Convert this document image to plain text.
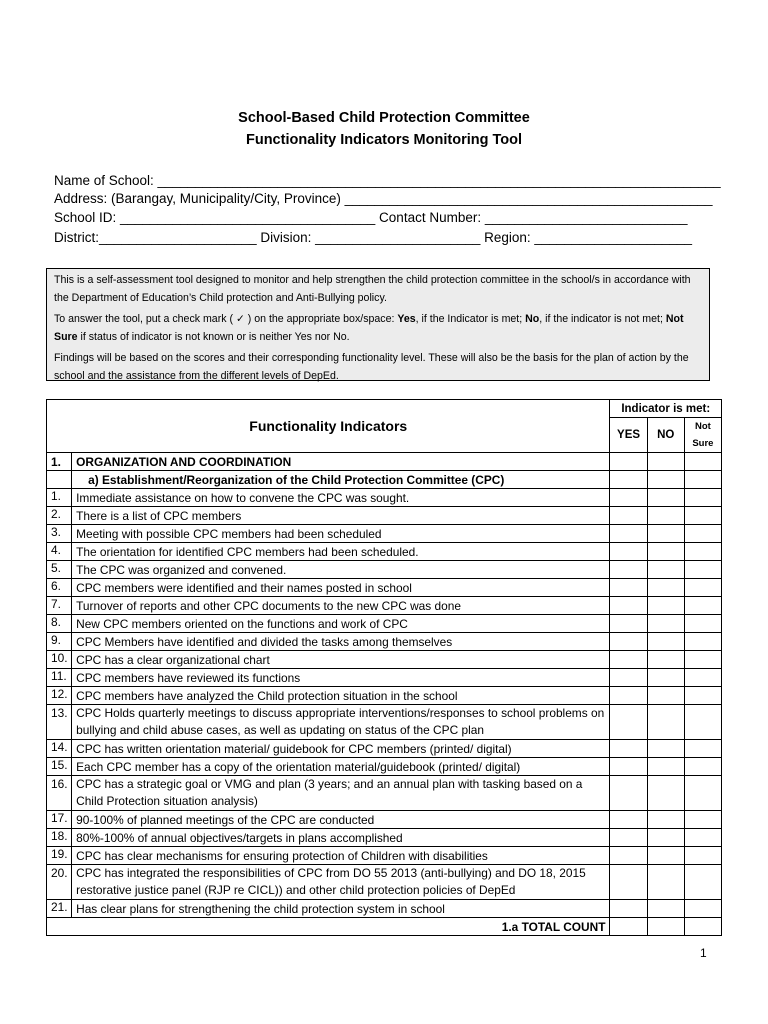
School-Based Child Protection Committee
Functionality Indicators Monitoring Tool
Name of School: ___________________________________________________________________________
Address: (Barangay, Municipality/City, Province) _________________________________________________
School ID: __________________________________ Contact Number: ___________________________
District:_____________________ Division: ______________________ Region: _____________________

This is a self-assessment tool designed to monitor and help strengthen the child protection committee in the school/s in accordance with the Department of Education’s Child protection and Anti-Bullying policy.

To answer the tool, put a check mark ( ✓ ) on the appropriate box/space: Yes, if the Indicator is met; No, if the indicator is not met; Not Sure if status of indicator is not known or is neither Yes nor No.

Findings will be based on the scores and their corresponding functionality level. These will also be the basis for the plan of action by the school and the assistance from the different levels of DepEd.

Functionality Indicators		Indicator is met:		
		YES	NO	Not Sure
1.	ORGANIZATION AND COORDINATION			
	a) Establishment/Reorganization of the Child Protection Committee (CPC)			
1.	Immediate assistance on how to convene the CPC was sought.			
2.	There is a list of CPC members			
3.	Meeting with possible CPC members had been scheduled			
4.	The orientation for identified CPC members had been scheduled.			
5.	The CPC was organized and convened.			
6.	CPC members were identified and their names posted in school			
7.	Turnover of reports and other CPC documents to the new CPC was done			
8.	New CPC members oriented on the functions and work of CPC			
9.	CPC Members have identified and divided the tasks among themselves			
10.	CPC has a clear organizational chart			
11.	CPC members have reviewed its functions			
12.	CPC members have analyzed the Child protection situation in the school			
13.	CPC Holds quarterly meetings to discuss appropriate interventions/responses to school problems on bullying and child abuse cases, as well as updating on status of the CPC plan			
14.	CPC has written orientation material/ guidebook for CPC members (printed/ digital)			
15.	Each CPC member has a copy of the orientation material/guidebook (printed/ digital)			
16.	CPC has a strategic goal or VMG and plan (3 years; and an annual plan with tasking based on a Child Protection situation analysis)			
17.	90-100% of planned meetings of the CPC are conducted			
18.	80%-100% of annual objectives/targets in plans accomplished			
19.	CPC has clear mechanisms for ensuring protection of Children with disabilities			
20.	CPC has integrated the responsibilities of CPC from DO 55 2013 (anti-bullying) and DO 18, 2015 restorative justice panel (RJP re CICL)) and other child protection policies of DepEd			
21.	Has clear plans for strengthening the child protection system in school			
1.a TOTAL COUNT				
1
